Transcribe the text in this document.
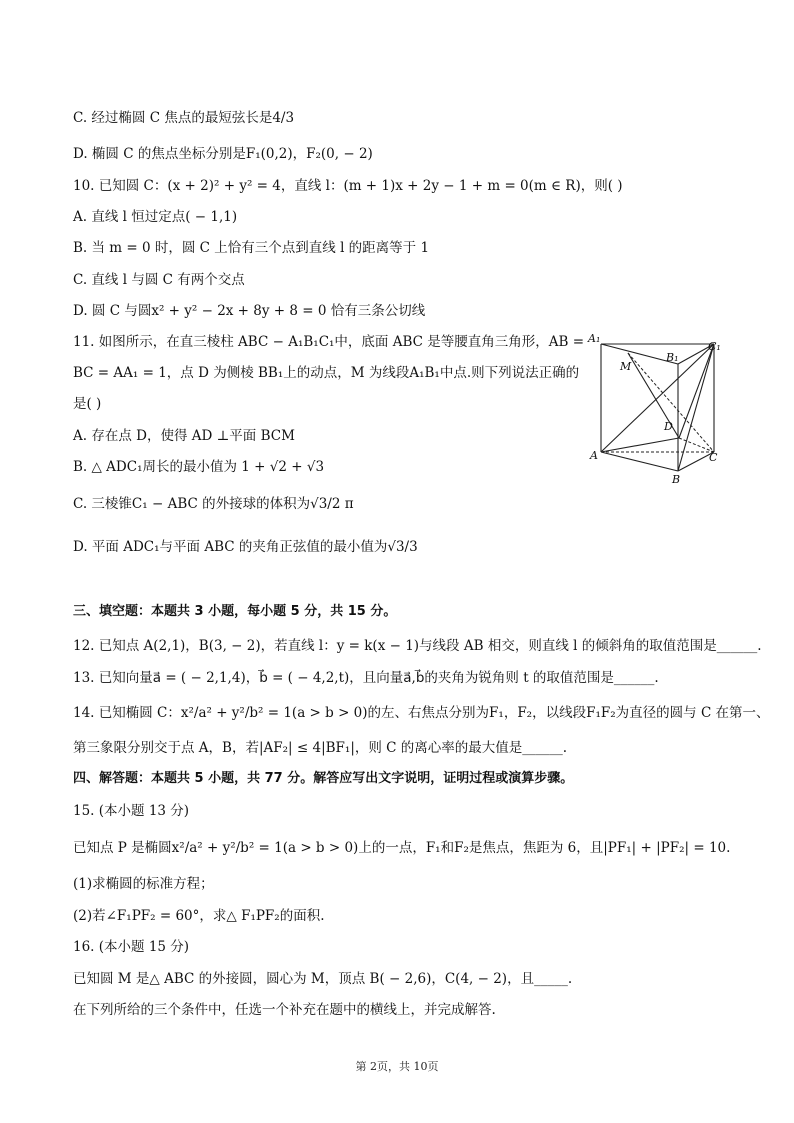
C. 经过椭圆 C 焦点的最短弦长是4/3
D. 椭圆 C 的焦点坐标分别是F₁(0,2)，F₂(0, − 2)
10. 已知圆 C：(x + 2)² + y² = 4，直线 l：(m + 1)x + 2y − 1 + m = 0(m ∈ R)，则( )
A. 直线 l 恒过定点( − 1,1)
B. 当 m = 0 时，圆 C 上恰有三个点到直线 l 的距离等于 1
C. 直线 l 与圆 C 有两个交点
D. 圆 C 与圆x² + y² − 2x + 8y + 8 = 0 恰有三条公切线
11. 如图所示，在直三棱柱 ABC − A₁B₁C₁中，底面 ABC 是等腰直角三角形，AB =
BC = AA₁ = 1，点 D 为侧棱 BB₁上的动点，M 为线段A₁B₁中点.则下列说法正确的
是( )
A. 存在点 D，使得 AD ⊥平面 BCM
B. △ ADC₁周长的最小值为 1 + √2 + √3
C. 三棱锥C₁ − ABC 的外接球的体积为√3/2 π
D. 平面 ADC₁与平面 ABC 的夹角正弦值的最小值为√3/3
三、填空题：本题共 3 小题，每小题 5 分，共 15 分。
12. 已知点 A(2,1)，B(3, − 2)，若直线 l：y = k(x − 1)与线段 AB 相交，则直线 l 的倾斜角的取值范围是______.
13. 已知向量a⃗ = ( − 2,1,4)，b⃗ = ( − 4,2,t)，且向量a⃗,b⃗的夹角为锐角则 t 的取值范围是______.
14. 已知椭圆 C：x²/a² + y²/b² = 1(a > b > 0)的左、右焦点分别为F₁，F₂，以线段F₁F₂为直径的圆与 C 在第一、
第三象限分别交于点 A，B，若|AF₂| ≤ 4|BF₁|，则 C 的离心率的最大值是______.
四、解答题：本题共 5 小题，共 77 分。解答应写出文字说明，证明过程或演算步骤。
15. (本小题 13 分)
已知点 P 是椭圆x²/a² + y²/b² = 1(a > b > 0)上的一点，F₁和F₂是焦点，焦距为 6，且|PF₁| + |PF₂| = 10.
(1)求椭圆的标准方程；
(2)若∠F₁PF₂ = 60°，求△ F₁PF₂的面积.
16. (本小题 15 分)
已知圆 M 是△ ABC 的外接圆，圆心为 M，顶点 B( − 2,6)，C(4, − 2)，且_____.
在下列所给的三个条件中，任选一个补充在题中的横线上，并完成解答.
A₁
B₁
C₁
M
D
A
B
C
第 2页，共 10页
